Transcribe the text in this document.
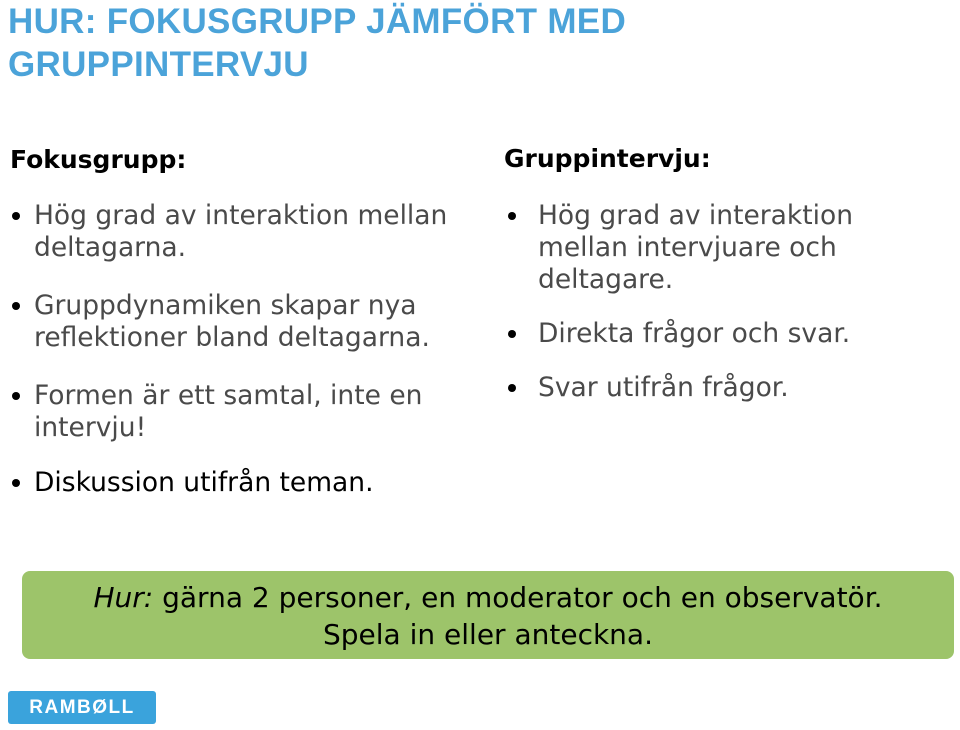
HUR: FOKUSGRUPP JÄMFÖRT MED GRUPPINTERVJU
Fokusgrupp:
Hög grad av interaktion mellan deltagarna.
Gruppdynamiken skapar nya reflektioner bland deltagarna.
Formen är ett samtal, inte en intervju!
Diskussion utifrån teman.
Gruppintervju:
Hög grad av interaktion mellan intervjuare och deltagare.
Direkta frågor och svar.
Svar utifrån frågor.
Hur: gärna 2 personer, en moderator och en observatör.
Spela in eller anteckna.
RAMBØLL
